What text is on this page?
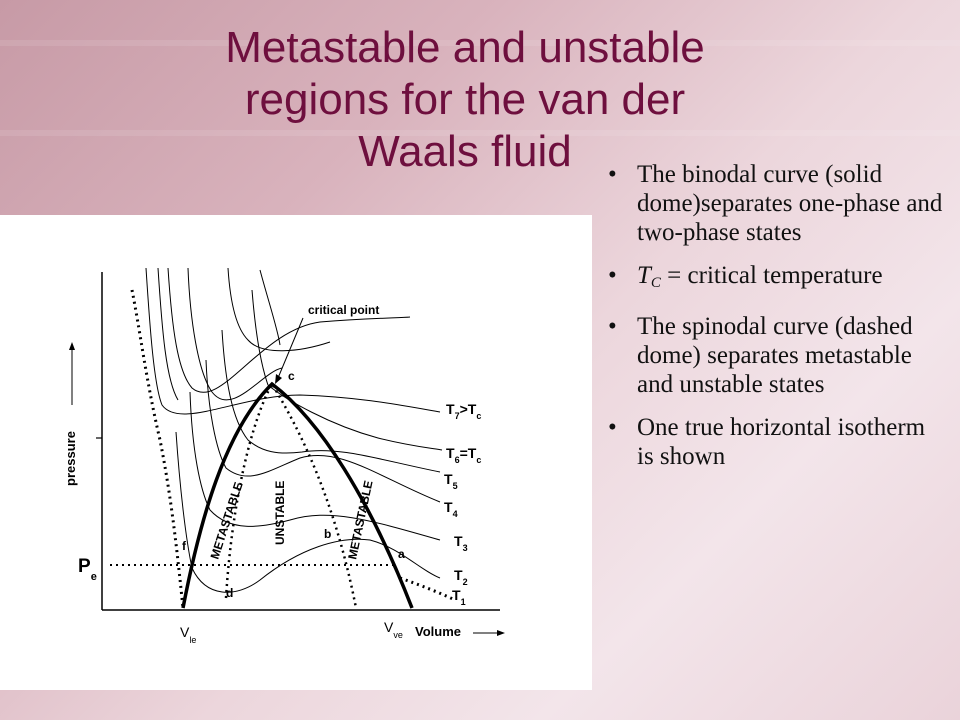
Metastable and unstable
regions for the van der
Waals fluid
pressure
Volume
critical point
c
f
d
b
a
METASTABLE UNSTABLE	METASTABLE
$P_e$
$V_{le}$
$V_{ve}$
$T_7>T_c$
$T_6=T_c$
$T_5$
$T_4$
$T_3$
$T_2$
$T_1$
• The binodal curve (solid dome)separates one-phase and two-phase states
• $T_C$ = critical temperature
• The spinodal curve (dashed dome) separates metastable and unstable states
• One true horizontal isotherm is shown
